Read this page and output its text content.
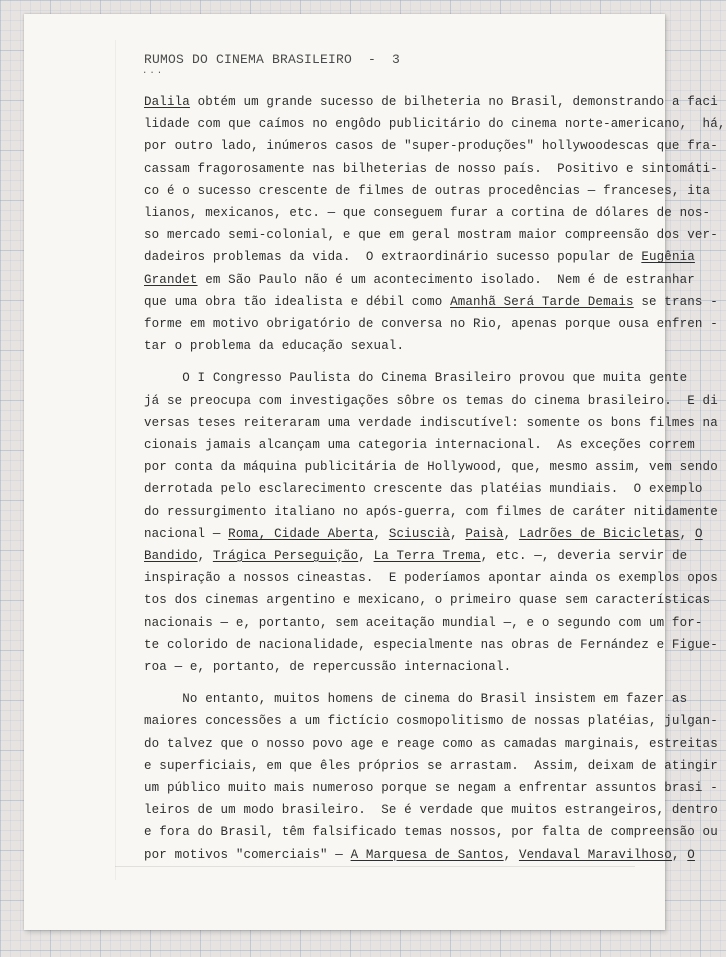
RUMOS DO CINEMA BRASILEIRO  -  3
...
Dalila obtém um grande sucesso de bilheteria no Brasil, demonstrando a faci
lidade com que caímos no engôdo publicitário do cinema norte-americano,  há,
por outro lado, inúmeros casos de "super-produções" hollywoodescas que fra-
cassam fragorosamente nas bilheterias de nosso país.  Positivo e sintomáti-
co é o sucesso crescente de filmes de outras procedências — franceses, ita
lianos, mexicanos, etc. — que conseguem furar a cortina de dólares de nos-
so mercado semi-colonial, e que em geral mostram maior compreensão dos ver-
dadeiros problemas da vida.  O extraordinário sucesso popular de Eugênia
Grandet em São Paulo não é um acontecimento isolado.  Nem é de estranhar
que uma obra tão idealista e débil como Amanhã Será Tarde Demais se trans -
forme em motivo obrigatório de conversa no Rio, apenas porque ousa enfren -
tar o problema da educação sexual.
O I Congresso Paulista do Cinema Brasileiro provou que muita gente
já se preocupa com investigações sôbre os temas do cinema brasileiro.  E di
versas teses reiteraram uma verdade indiscutível: somente os bons filmes na
cionais jamais alcançam uma categoria internacional.  As exceções correm
por conta da máquina publicitária de Hollywood, que, mesmo assim, vem sendo
derrotada pelo esclarecimento crescente das platéias mundiais.  O exemplo
do ressurgimento italiano no após-guerra, com filmes de caráter nitidamente
nacional — Roma, Cidade Aberta, Sciuscià, Paisà, Ladrões de Bicicletas, O
Bandido, Trágica Perseguição, La Terra Trema, etc. —, deveria servir de
inspiração a nossos cineastas.  E poderíamos apontar ainda os exemplos opos
tos dos cinemas argentino e mexicano, o primeiro quase sem características
nacionais — e, portanto, sem aceitação mundial —, e o segundo com um for-
te colorido de nacionalidade, especialmente nas obras de Fernández e Figue-
roa — e, portanto, de repercussão internacional.
No entanto, muitos homens de cinema do Brasil insistem em fazer as
maiores concessões a um fictício cosmopolitismo de nossas platéias, julgan-
do talvez que o nosso povo age e reage como as camadas marginais, estreitas
e superficiais, em que êles próprios se arrastam.  Assim, deixam de atingir
um público muito mais numeroso porque se negam a enfrentar assuntos brasi -
leiros de um modo brasileiro.  Se é verdade que muitos estrangeiros, dentro
e fora do Brasil, têm falsificado temas nossos, por falta de compreensão ou
por motivos "comerciais" — A Marquesa de Santos, Vendaval Maravilhoso, O
